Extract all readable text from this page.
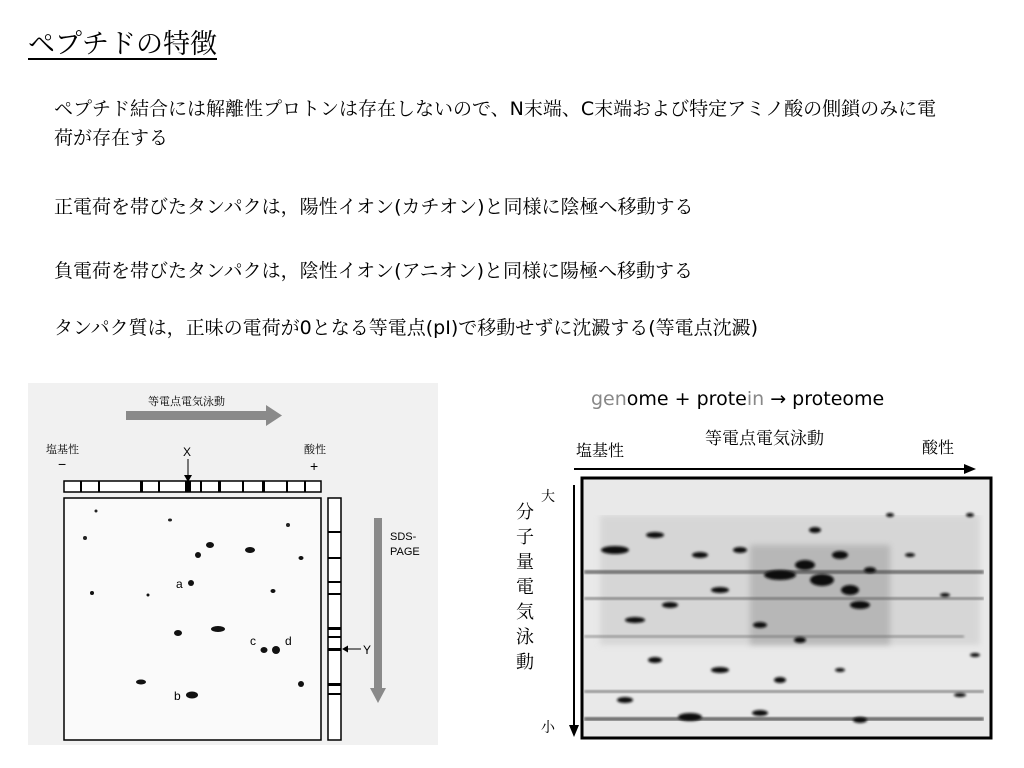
ペプチドの特徴
ペプチド結合には解離性プロトンは存在しないので、N末端、C末端および特定アミノ酸の側鎖のみに電荷が存在する
正電荷を帯びたタンパクは，陽性イオン(カチオン)と同様に陰極へ移動する
負電荷を帯びたタンパクは，陰性イオン(アニオン)と同様に陽極へ移動する
タンパク質は，正味の電荷が0となる等電点(pI)で移動せずに沈澱する(等電点沈澱)
等電点電気泳動
塩基性
−
酸性
+
X
a
c d
b
Y
SDS-
PAGE
genome + protein → proteome
等電点電気泳動
塩基性	酸性
分
子
量
電
気
泳
動
大
小
